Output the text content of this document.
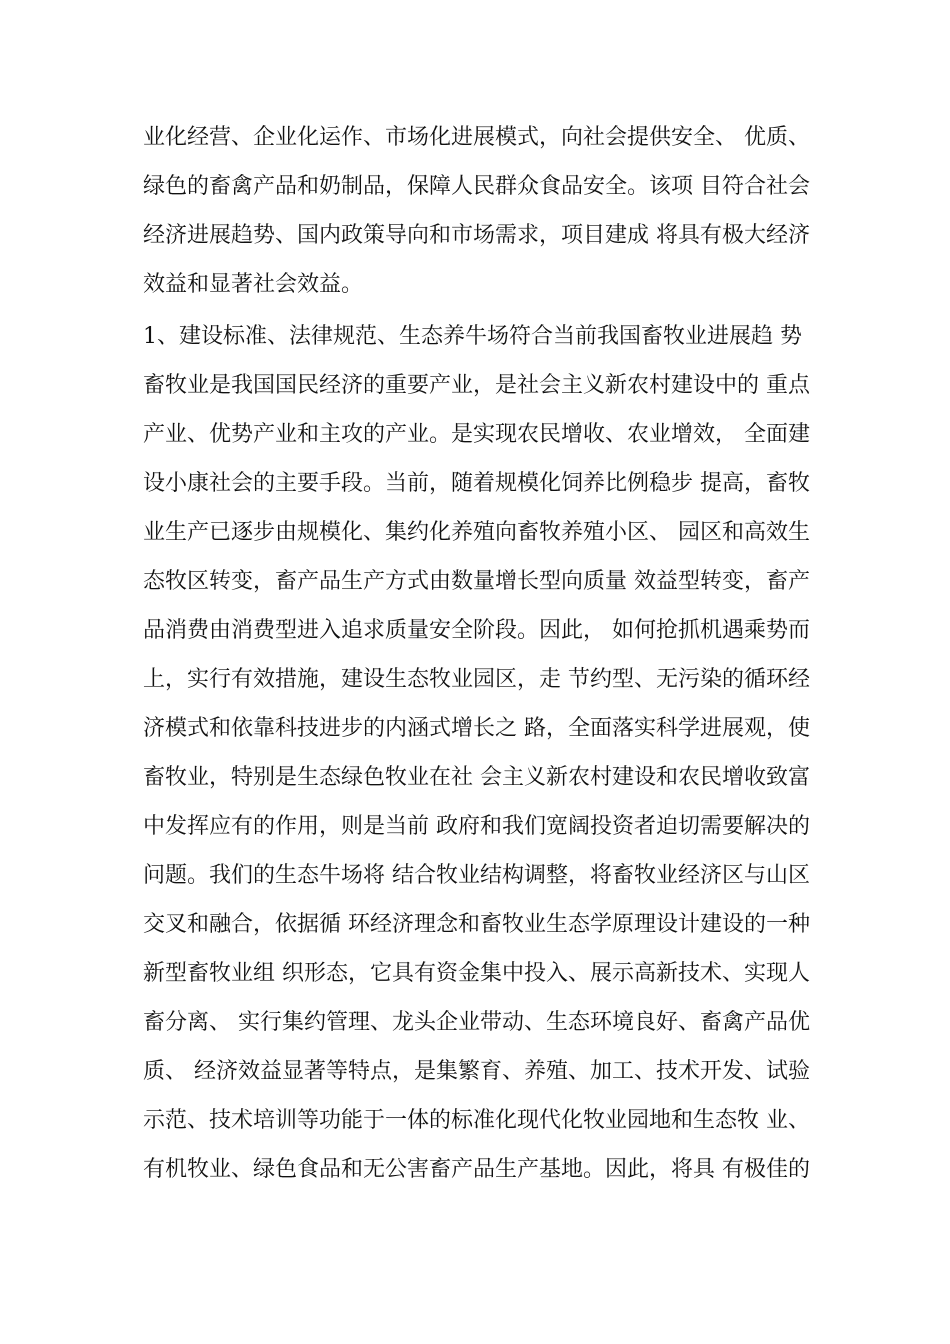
业化经营、企业化运作、市场化进展模式，向社会提供安全、 优质、
绿色的畜禽产品和奶制品，保障人民群众食品安全。该项 目符合社会
经济进展趋势、国内政策导向和市场需求，项目建成 将具有极大经济
效益和显著社会效益。
1、建设标准、法律规范、生态养牛场符合当前我国畜牧业进展趋 势
畜牧业是我国国民经济的重要产业，是社会主义新农村建设中的 重点
产业、优势产业和主攻的产业。是实现农民增收、农业增效， 全面建
设小康社会的主要手段。当前，随着规模化饲养比例稳步 提高，畜牧
业生产已逐步由规模化、集约化养殖向畜牧养殖小区、 园区和高效生
态牧区转变，畜产品生产方式由数量增长型向质量 效益型转变，畜产
品消费由消费型进入追求质量安全阶段。因此， 如何抢抓机遇乘势而
上，实行有效措施，建设生态牧业园区，走 节约型、无污染的循环经
济模式和依靠科技进步的内涵式增长之 路，全面落实科学进展观，使
畜牧业，特别是生态绿色牧业在社 会主义新农村建设和农民增收致富
中发挥应有的作用，则是当前 政府和我们宽阔投资者迫切需要解决的
问题。我们的生态牛场将 结合牧业结构调整，将畜牧业经济区与山区
交叉和融合，依据循 环经济理念和畜牧业生态学原理设计建设的一种
新型畜牧业组 织形态，它具有资金集中投入、展示高新技术、实现人
畜分离、 实行集约管理、龙头企业带动、生态环境良好、畜禽产品优
质、 经济效益显著等特点，是集繁育、养殖、加工、技术开发、试验
示范、技术培训等功能于一体的标准化现代化牧业园地和生态牧 业、
有机牧业、绿色食品和无公害畜产品生产基地。因此，将具 有极佳的
